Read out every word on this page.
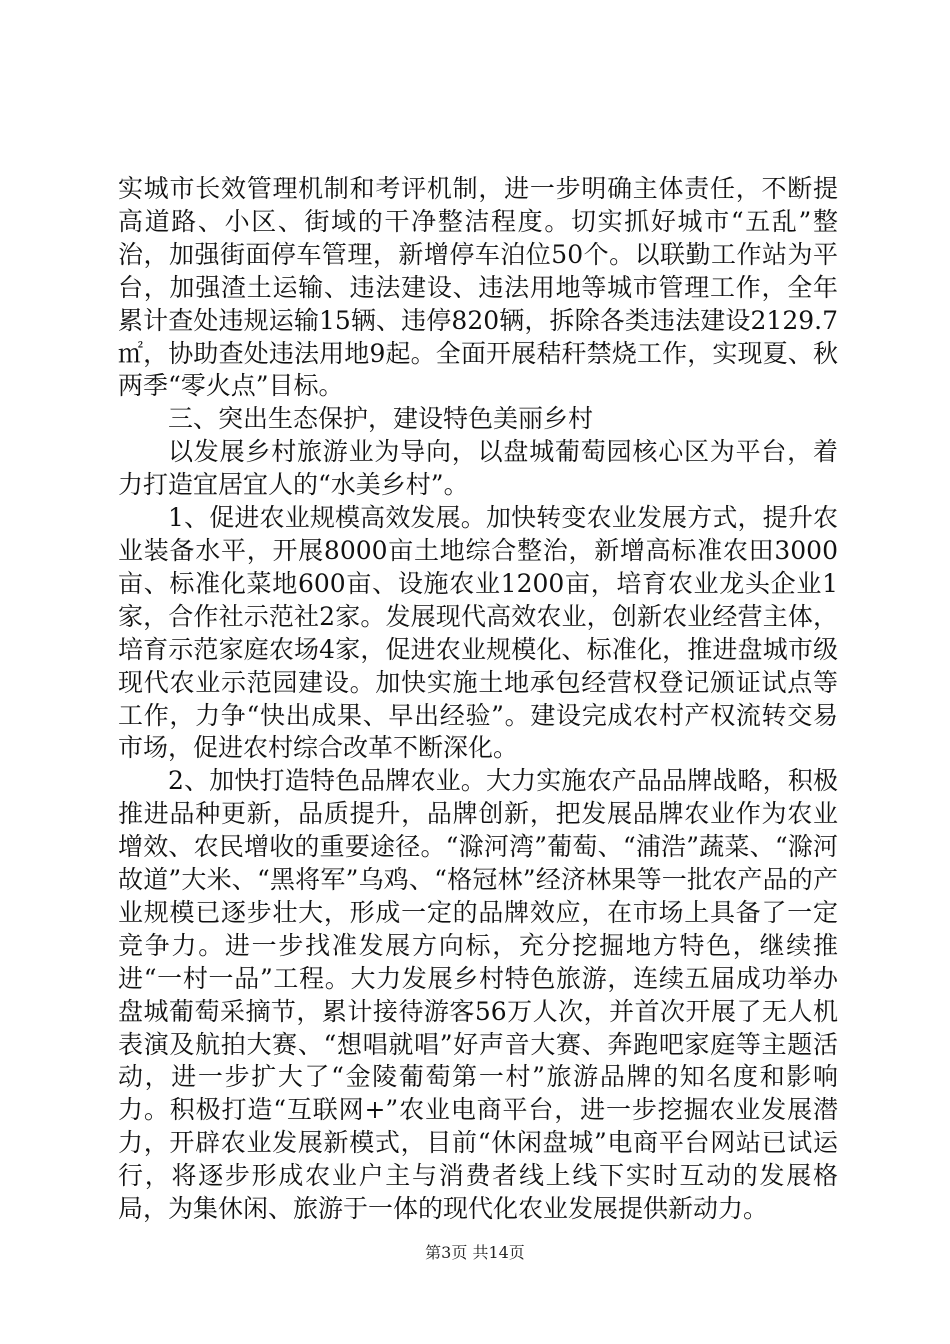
实城市长效管理机制和考评机制，进一步明确主体责任，不断提高道路、小区、街域的干净整洁程度。切实抓好城市“五乱”整治，加强街面停车管理，新增停车泊位50个。以联勤工作站为平台，加强渣土运输、违法建设、违法用地等城市管理工作，全年累计查处违规运输15辆、违停820辆，拆除各类违法建设2129.7㎡，协助查处违法用地9起。全面开展秸秆禁烧工作，实现夏、秋两季“零火点”目标。

三、突出生态保护，建设特色美丽乡村

以发展乡村旅游业为导向，以盘城葡萄园核心区为平台，着力打造宜居宜人的“水美乡村”。

1、促进农业规模高效发展。加快转变农业发展方式，提升农业装备水平，开展8000亩土地综合整治，新增高标准农田3000亩、标准化菜地600亩、设施农业1200亩，培育农业龙头企业1家，合作社示范社2家。发展现代高效农业，创新农业经营主体，培育示范家庭农场4家，促进农业规模化、标准化，推进盘城市级现代农业示范园建设。加快实施土地承包经营权登记颁证试点等工作，力争“快出成果、早出经验”。建设完成农村产权流转交易市场，促进农村综合改革不断深化。

2、加快打造特色品牌农业。大力实施农产品品牌战略，积极推进品种更新，品质提升，品牌创新，把发展品牌农业作为农业增效、农民增收的重要途径。“滁河湾”葡萄、“浦浩”蔬菜、“滁河故道”大米、“黑将军”乌鸡、“格冠林”经济林果等一批农产品的产业规模已逐步壮大，形成一定的品牌效应，在市场上具备了一定竞争力。进一步找准发展方向标，充分挖掘地方特色，继续推进“一村一品”工程。大力发展乡村特色旅游，连续五届成功举办盘城葡萄采摘节，累计接待游客56万人次，并首次开展了无人机表演及航拍大赛、“想唱就唱”好声音大赛、奔跑吧家庭等主题活动，进一步扩大了“金陵葡萄第一村”旅游品牌的知名度和影响力。积极打造“互联网+”农业电商平台，进一步挖掘农业发展潜力，开辟农业发展新模式，目前“休闲盘城”电商平台网站已试运行，将逐步形成农业户主与消费者线上线下实时互动的发展格局，为集休闲、旅游于一体的现代化农业发展提供新动力。

第3页 共14页
